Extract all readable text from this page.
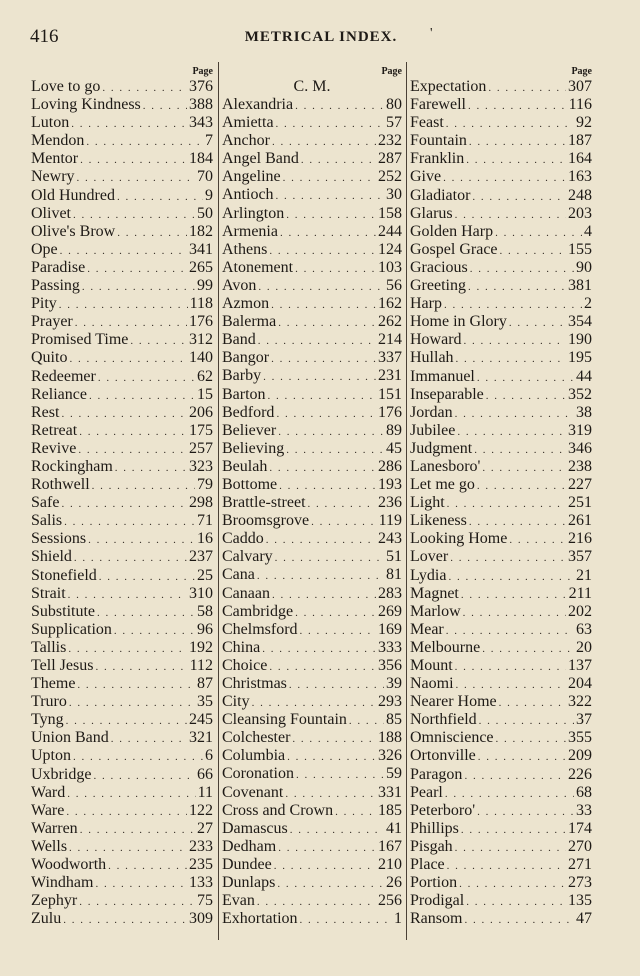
416	METRICAL INDEX.	'
Page
Love to go . . .	376
Loving Kindness . . .	388
Luton . . .	343
Mendon . . .	7
Mentor . . .	184
Newry . . .	70
Old Hundred . . .	9
Olivet . . .	50
Olive's Brow . . .	182
Ope . . .	341
Paradise . . .	265
Passing . . .	99
Pity . . .	118
Prayer . . .	176
Promised Time . . .	312
Quito . . .	140
Redeemer . . .	62
Reliance . . .	15
Rest . . .	206
Retreat . . .	175
Revive . . .	257
Rockingham . . .	323
Rothwell . . .	79
Safe . . .	298
Salis . . .	71
Sessions . . .	16
Shield . . .	237
Stonefield . . .	25
Strait . . .	310
Substitute . . .	58
Supplication . . .	96
Tallis . . .	192
Tell Jesus . . .	112
Theme . . .	87
Truro . . .	35
Tyng . . .	245
Union Band . . .	321
Upton . . .	6
Uxbridge . . .	66
Ward . . .	11
Ware . . .	122
Warren . . .	27
Wells . . .	233
Woodworth . . .	235
Windham . . .	133
Zephyr . . .	75
Zulu . . .	309
Page
C. M.
Alexandria . . .	80
Amietta . . .	57
Anchor . . .	232
Angel Band . . .	287
Angeline . . .	252
Antioch . . .	30
Arlington . . .	158
Armenia . . .	244
Athens . . .	124
Atonement . . .	103
Avon . . .	56
Azmon . . .	162
Balerma . . .	262
Band . . .	214
Bangor . . .	337
Barby . . .	231
Barton . . .	151
Bedford . . .	176
Believer . . .	89
Believing . . .	45
Beulah . . .	286
Bottome . . .	193
Brattle-street . . .	236
Broomsgrove . . .	119
Caddo . . .	243
Calvary . . .	51
Cana . . .	81
Canaan . . .	283
Cambridge . . .	269
Chelmsford . . .	169
China . . .	333
Choice . . .	356
Christmas . . .	39
City . . .	293
Cleansing Fountain . . . 85
Colchester . . .	188
Columbia . . .	326
Coronation . . .	59
Covenant . . .	331
Cross and Crown . . .	185
Damascus . . .	41
Dedham . . .	167
Dundee . . .	210
Dunlaps . . .	26
Evan . . .	256
Exhortation . . .	1
Page
Expectation . . .	307
Farewell . . .	116
Feast . . .	92
Fountain . . .	187
Franklin . . .	164
Give . . .	163
Gladiator . . .	248
Glarus . . .	203
Golden Harp . . .	4
Gospel Grace . . .	155
Gracious . . .	90
Greeting . . .	381
Harp . . .	2
Home in Glory . . .	354
Howard . . .	190
Hullah . . .	195
Immanuel . . .	44
Inseparable . . .	352
Jordan . . .	38
Jubilee . . .	319
Judgment . . .	346
Lanesboro' . . .	238
Let me go . . .	227
Light . . .	251
Likeness . . .	261
Looking Home . . .	216
Lover . . .	357
Lydia . . .	21
Magnet . . .	211
Marlow . . .	202
Mear . . .	63
Melbourne . . .	20
Mount . . .	137
Naomi . . .	204
Nearer Home . . .	322
Northfield . . .	37
Omniscience . . .	355
Ortonville . . .	209
Paragon . . .	226
Pearl . . .	68
Peterboro' . . .	33
Phillips . . .	174
Pisgah . . .	270
Place . . .	271
Portion . . .	273
Prodigal . . .	135
Ransom . . .	47
